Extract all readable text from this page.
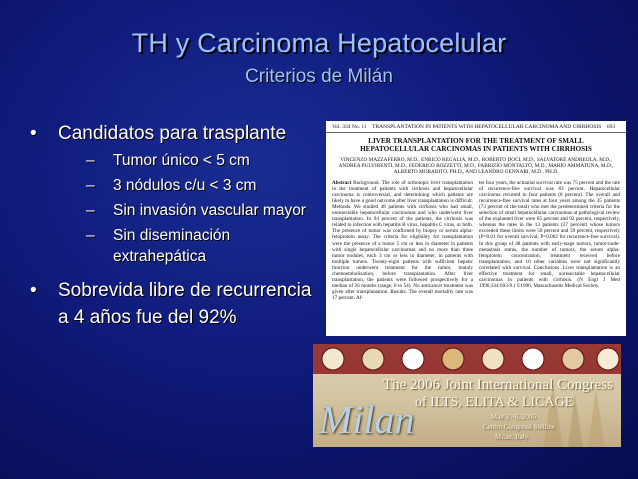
TH y Carcinoma Hepatocelular
Criterios de Milán
• Candidatos para trasplante
– Tumor único < 5 cm
– 3 nódulos c/u < 3 cm
– Sin invasión vascular mayor
– Sin diseminación extrahepática
• Sobrevida libre de recurrencia a 4 años fue del 92%
Vol. 334 No. 11 TRANSPLANTATION IN PATIENTS WITH HEPATOCELLULAR CARCINOMA AND CIRRHOSIS 693
LIVER TRANSPLANTATION FOR THE TREATMENT OF SMALL HEPATOCELLULAR CARCINOMAS IN PATIENTS WITH CIRRHOSIS
VINCENZO MAZZAFERRO, M.D., ENRICO REGALIA, M.D., ROBERTO DOCI, M.D., SALVATORE ANDREOLA, M.D., ANDREA PULVIRENTI, M.D., FEDERICO BOZZETTI, M.D., FABRIZIO MONTALTO, M.D., MARIO AMMATUNA, M.D., ALBERTO MORABITO, PH.D., AND LEANDRO GENNARI, M.D., PH.D.
Abstract Background. The role of orthotopic liver transplantation in the treatment of patients with cirrhosis and hepatocellular carcinoma is controversial, and determining which patients are likely to have a good outcome after liver transplantation is difficult. Methods. We studied 48 patients with cirrhosis who had small, unresectable hepatocellular carcinomas and who underwent liver transplantation. In 94 percent of the patients, the cirrhosis was related to infection with hepatitis B virus, hepatitis C virus, or both. The presence of tumor was confirmed by biopsy or serum alpha-fetoprotein assay. The criteria for eligibility for transplantation were the presence of a tumor 5 cm or less in diameter in patients with single hepatocellular carcinomas and no more than three tumor nodules, each 3 cm or less in diameter, in patients with multiple tumors. Twenty-eight patients with sufficient hepatic function underwent treatment for the tumor, mainly chemoembolization, before transplantation. After liver transplantation, the patients were followed prospectively for a median of 26 months (range, 8 to 54). No anticancer treatment was given after transplantation. Results. The overall mortality rate was 17 percent. Af-
ter four years, the actuarial survival rate was 75 percent and the rate of recurrence-free survival was 83 percent. Hepatocellular carcinoma recurred in four patients (8 percent). The overall and recurrence-free survival rates at four years among the 35 patients (73 percent of the total) who met the predetermined criteria for the selection of small hepatocellular carcinomas at pathological review of the explanted liver were 85 percent and 92 percent, respectively, whereas the rates in the 13 patients (27 percent) whose tumors exceeded these limits were 50 percent and 59 percent, respectively (P=0.01 for overall survival; P=0.002 for recurrence-free survival). In this group of 48 patients with early-stage tumors, tumor-node-metastasis status, the number of tumors, the serum alpha-fetoprotein concentration, treatment received before transplantation, and 10 other variables were not significantly correlated with survival. Conclusions. Liver transplantation is an effective treatment for small, unresectable hepatocellular carcinomas in patients with cirrhosis. (N Engl J Med 1996;334:693-9.) ©1996, Massachusetts Medical Society.
The 2006 Joint International Congress
of ILTS, ELITA & LICAGE
May 3 - 6, 2006
Centro Congressi Stelline
Milan, Italy
Milan
